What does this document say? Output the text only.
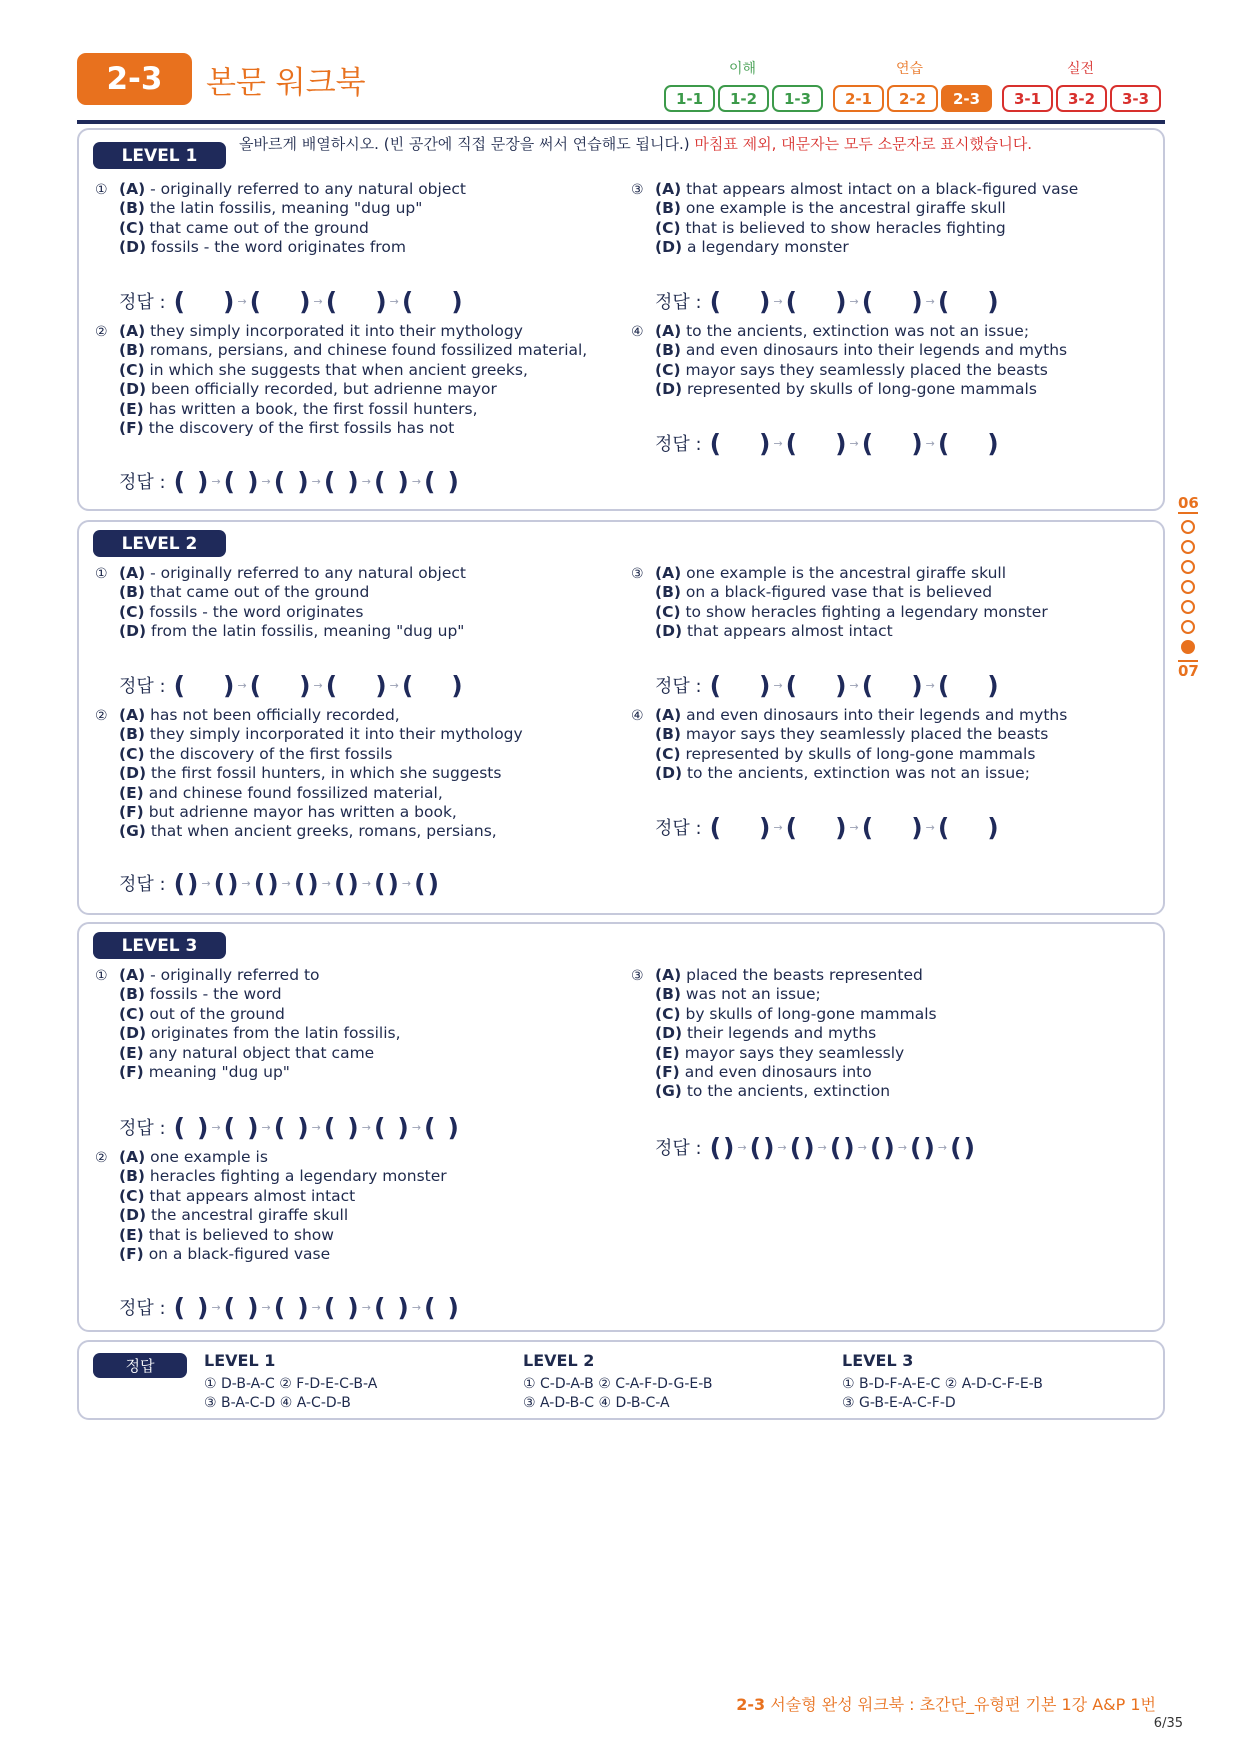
2-3	본문 워크북	이해	연습	실전
1-1	1-2	1-3	2-1	2-2	2-3	3-1	3-2	3-3
LEVEL 1
올바르게 배열하시오. (빈 공간에 직접 문장을 써서 연습해도 됩니다.) 마침표 제외, 대문자는 모두 소문자로 표시했습니다.
① (A) - originally referred to any natural object
(B) the latin fossilis, meaning "dug up"
(C) that came out of the ground
(D) fossils - the word originates from
③ (A) that appears almost intact on a black-figured vase
(B) one example is the ancestral giraffe skull
(C) that is believed to show heracles fighting
(D) a legendary monster
② (A) they simply incorporated it into their mythology
(B) romans, persians, and chinese found fossilized material,
(C) in which she suggests that when ancient greeks,
(D) been officially recorded, but adrienne mayor
(E) has written a book, the first fossil hunters,
(F) the discovery of the first fossils has not
④ (A) to the ancients, extinction was not an issue;
(B) and even dinosaurs into their legends and myths
(C) mayor says they seamlessly placed the beasts
(D) represented by skulls of long-gone mammals
정답 : ( ) → ( ) → ( ) → ( )	정답 : ( ) → ( ) → ( ) → ( )
정답 : ( ) → ( ) → ( ) → ( ) → ( ) → ( )
정답 : ( ) → ( ) → ( ) → ( )
LEVEL 2
① (A) - originally referred to any natural object
(B) that came out of the ground
(C) fossils - the word originates
(D) from the latin fossilis, meaning "dug up"
③ (A) one example is the ancestral giraffe skull
(B) on a black-figured vase that is believed
(C) to show heracles fighting a legendary monster
(D) that appears almost intact
② (A) has not been officially recorded,
(B) they simply incorporated it into their mythology
(C) the discovery of the first fossils
(D) the first fossil hunters, in which she suggests
(E) and chinese found fossilized material,
(F) but adrienne mayor has written a book,
(G) that when ancient greeks, romans, persians,
④ (A) and even dinosaurs into their legends and myths
(B) mayor says they seamlessly placed the beasts
(C) represented by skulls of long-gone mammals
(D) to the ancients, extinction was not an issue;
정답 : ( ) → ( ) → ( ) → ( )	정답 : ( ) → ( ) → ( ) → ( )
정답 : ( ) → ( ) → ( ) → ( ) → ( ) → ( ) → ( )
정답 : ( ) → ( ) → ( ) → ( )
LEVEL 3
① (A) - originally referred to
(B) fossils - the word
(C) out of the ground
(D) originates from the latin fossilis,
(E) any natural object that came
(F) meaning "dug up"
③ (A) placed the beasts represented
(B) was not an issue;
(C) by skulls of long-gone mammals
(D) their legends and myths
(E) mayor says they seamlessly
(F) and even dinosaurs into
(G) to the ancients, extinction
② (A) one example is
(B) heracles fighting a legendary monster
(C) that appears almost intact
(D) the ancestral giraffe skull
(E) that is believed to show
(F) on a black-figured vase
정답 : ( ) → ( ) → ( ) → ( ) → ( ) → ( )
정답 : ( ) → ( ) → ( ) → ( ) → ( ) → ( ) → ( )
정답 : ( ) → ( ) → ( ) → ( ) → ( ) → ( )
06
07
정답	LEVEL 1
① D-B-A-C ② F-D-E-C-B-A
③ B-A-C-D ④ A-C-D-B
LEVEL 2
① C-D-A-B ② C-A-F-D-G-E-B
③ A-D-B-C ④ D-B-C-A
LEVEL 3
① B-D-F-A-E-C ② A-D-C-F-E-B
③ G-B-E-A-C-F-D
2-3 서술형 완성 워크북 : 초간단_유형편 기본 1강 A&P 1번
6/35
